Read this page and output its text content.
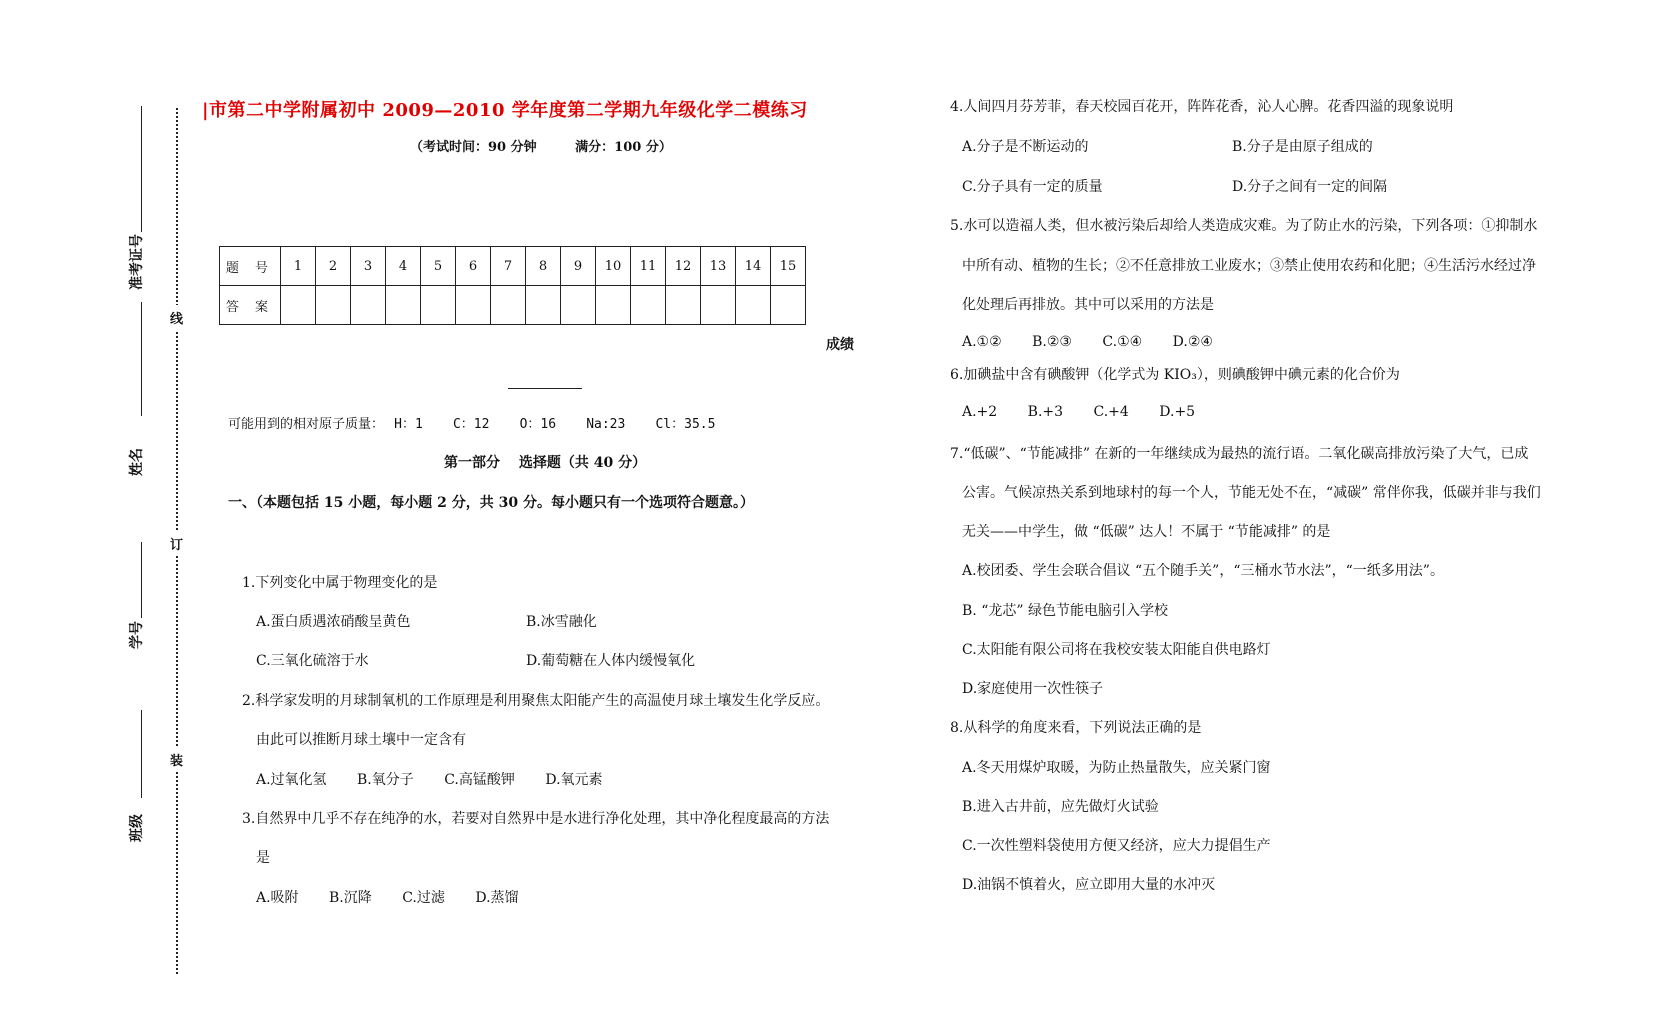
准考证号
姓名
学号
班级
线
订
装
|市第二中学附属初中 2009—2010 学年度第二学期九年级化学二模练习
（考试时间：90 分钟	满分：100 分）
题 号	1	2	3	4	5	6	7	8	9	10	11	12	13	14	15
答 案															
成绩
可能用到的相对原子质量： H：1 C：12 O：16 Na:23 Cl：35.5
第一部分 选择题（共 40 分）
一、（本题包括 15 小题，每小题 2 分，共 30 分。每小题只有一个选项符合题意。）
1.下列变化中属于物理变化的是
A.蛋白质遇浓硝酸呈黄色	B.冰雪融化
C.三氧化硫溶于水	D.葡萄糖在人体内缓慢氧化
2.科学家发明的月球制氧机的工作原理是利用聚焦太阳能产生的高温使月球土壤发生化学反应。
由此可以推断月球土壤中一定含有
A.过氧化氢 B.氧分子 C.高锰酸钾 D.氧元素
3.自然界中几乎不存在纯净的水，若要对自然界中是水进行净化处理，其中净化程度最高的方法
是
A.吸附 B.沉降 C.过滤 D.蒸馏
4.人间四月芬芳菲，春天校园百花开，阵阵花香，沁人心脾。花香四溢的现象说明
A.分子是不断运动的	B.分子是由原子组成的
C.分子具有一定的质量	D.分子之间有一定的间隔
5.水可以造福人类，但水被污染后却给人类造成灾难。为了防止水的污染，下列各项：①抑制水
中所有动、植物的生长；②不任意排放工业废水；③禁止使用农药和化肥；④生活污水经过净
化处理后再排放。其中可以采用的方法是
A.①② B.②③ C.①④ D.②④
6.加碘盐中含有碘酸钾（化学式为 KIO₃），则碘酸钾中碘元素的化合价为
A.+2 B.+3 C.+4 D.+5
7.“低碳”、“节能减排” 在新的一年继续成为最热的流行语。二氧化碳高排放污染了大气，已成
公害。气候凉热关系到地球村的每一个人，节能无处不在，“减碳” 常伴你我，低碳并非与我们
无关——中学生，做 “低碳” 达人！不属于 “节能减排” 的是
A.校团委、学生会联合倡议 “五个随手关”，“三桶水节水法”，“一纸多用法”。
B. “龙芯” 绿色节能电脑引入学校
C.太阳能有限公司将在我校安装太阳能自供电路灯
D.家庭使用一次性筷子
8.从科学的角度来看，下列说法正确的是
A.冬天用煤炉取暖，为防止热量散失，应关紧门窗
B.进入古井前，应先做灯火试验
C.一次性塑料袋使用方便又经济，应大力提倡生产
D.油锅不慎着火，应立即用大量的水冲灭
